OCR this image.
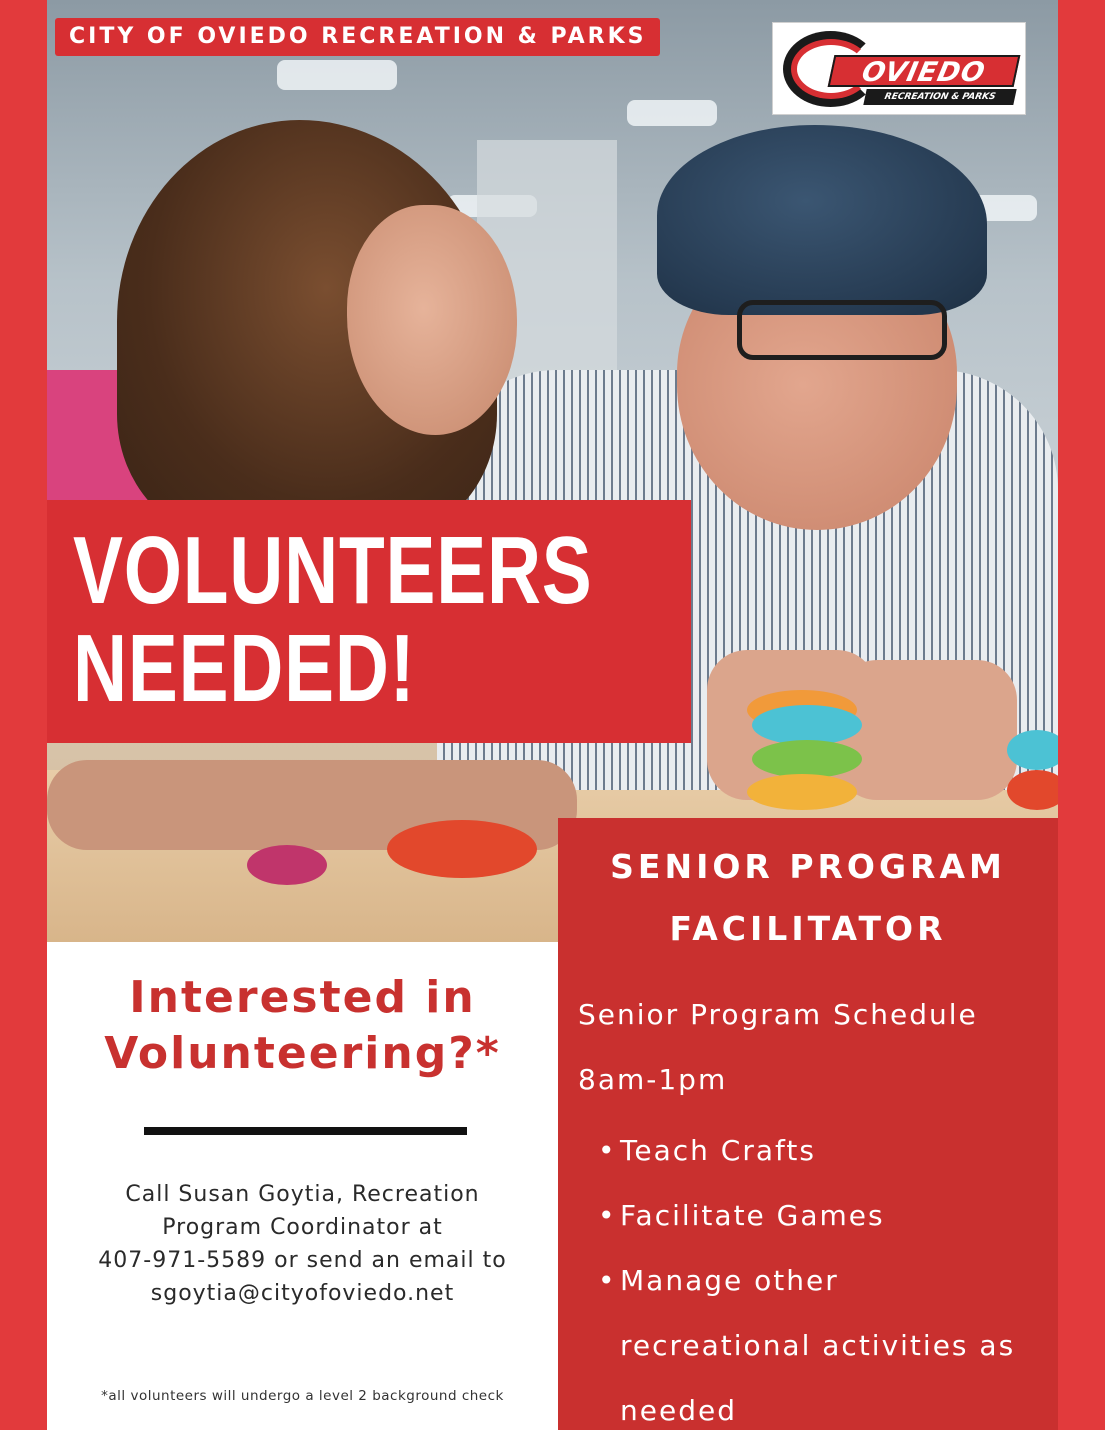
CITY OF OVIEDO RECREATION & PARKS
OVIEDO
RECREATION & PARKS
VOLUNTEERS
NEEDED!
Interested in
Volunteering?*
Call Susan Goytia, Recreation
Program Coordinator at
407-971-5589 or send an email to
sgoytia@cityofoviedo.net
*all volunteers will undergo a level 2 background check
SENIOR PROGRAM
FACILITATOR
Senior Program Schedule
8am-1pm
• Teach Crafts
• Facilitate Games
• Manage other recreational activities as needed
